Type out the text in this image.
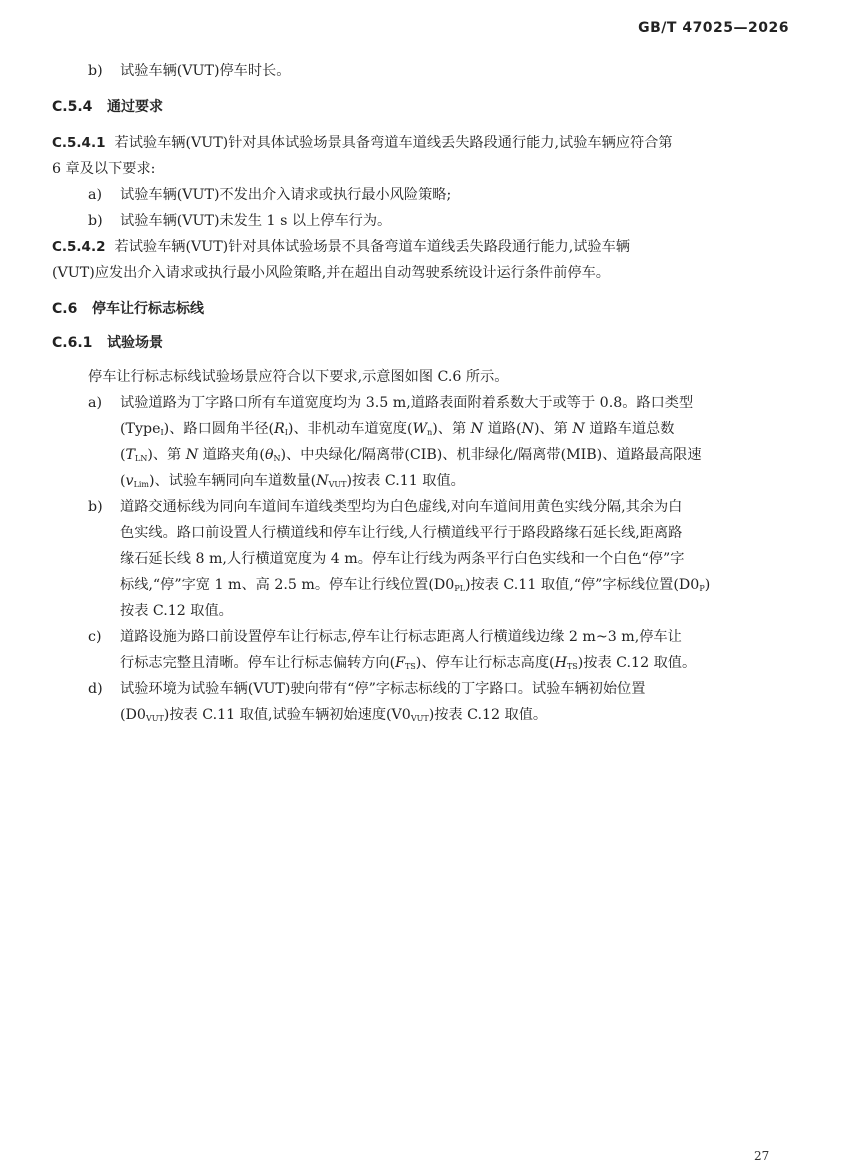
GB/T 47025—2026
b) 试验车辆(VUT)停车时长。
C.5.4 通过要求
C.5.4.1 若试验车辆(VUT)针对具体试验场景具备弯道车道线丢失路段通行能力,试验车辆应符合第
6 章及以下要求:
a) 试验车辆(VUT)不发出介入请求或执行最小风险策略;
b) 试验车辆(VUT)未发生 1 s 以上停车行为。
C.5.4.2 若试验车辆(VUT)针对具体试验场景不具备弯道车道线丢失路段通行能力,试验车辆
(VUT)应发出介入请求或执行最小风险策略,并在超出自动驾驶系统设计运行条件前停车。
C.6 停车让行标志标线
C.6.1 试验场景
停车让行标志标线试验场景应符合以下要求,示意图如图 C.6 所示。
a) 试验道路为丁字路口所有车道宽度均为 3.5 m,道路表面附着系数大于或等于 0.8。路口类型
(Type$_I$)、路口圆角半径$(R_I)$、非机动车道宽度$(W_n)$、第 N 道路(N)、第 N 道路车道总数
$(T_{LN})$、第 N 道路夹角$(\theta_N)$、中央绿化/隔离带(CIB)、机非绿化/隔离带(MIB)、道路最高限速
$(v_{Lim})$、试验车辆同向车道数量$(N_{VUT})$按表 C.11 取值。
b) 道路交通标线为同向车道间车道线类型均为白色虚线,对向车道间用黄色实线分隔,其余为白
色实线。路口前设置人行横道线和停车让行线,人行横道线平行于路段路缘石延长线,距离路
缘石延长线 8 m,人行横道宽度为 4 m。停车让行线为两条平行白色实线和一个白色“停”字
标线,“停”字宽 1 m、高 2.5 m。停车让行线位置$(D0_{PL})$按表 C.11 取值,“停”字标线位置$(D0_P)$
按表 C.12 取值。
c) 道路设施为路口前设置停车让行标志,停车让行标志距离人行横道线边缘 2 m~3 m,停车让
行标志完整且清晰。停车让行标志偏转方向$(F_{TS})$、停车让行标志高度$(H_{TS})$按表 C.12 取值。
d) 试验环境为试验车辆(VUT)驶向带有“停”字标志标线的丁字路口。试验车辆初始位置
$(D0_{VUT})$按表 C.11 取值,试验车辆初始速度$(V0_{VUT})$按表 C.12 取值。
27
